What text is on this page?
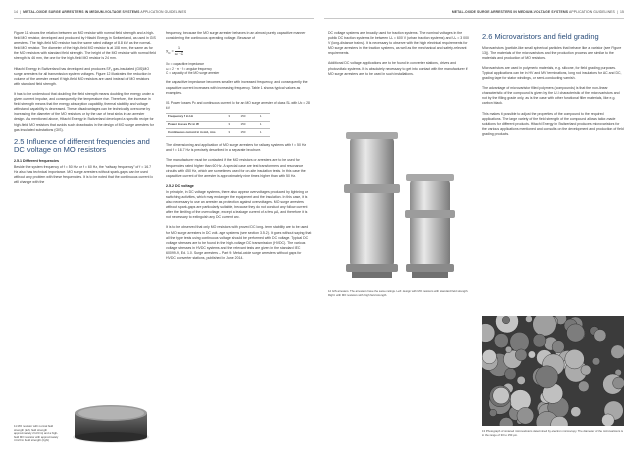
14  |  METAL-OXIDE SURGE ARRESTERS IN MEDIUM-VOLTAGE SYSTEMS APPLICATION GUIDELINES	METAL-OXIDE SURGE ARRESTERS IN MEDIUM-VOLTAGE SYSTEMS APPLICATION GUIDELINES  |  15

Figure 11 shows the relation between an MO resistor with normal field strength and a high-field MO resistor, developed and produced by Hitachi Energy in Switzerland, as used in GIS arresters. The high-field MO resistor has the same rated voltage of 8.8 kV as the normal-field MO resistor. The diameter of the high-field MO resistor is at 108 mm, the same as for the MO resistors with standard field strength. The height of the MO resistor with normal field strength is 46 mm, the one for the high-field MO resistor is 24 mm.

Hitachi Energy in Switzerland has developed and produces SF₆ gas-insulated (GIS)MO surge arresters for all transmission system voltages. Figure 12 illustrates the reduction in volume of the arrester vessel if high-field MO resistors are used instead of MO resistors with standard field strength.

It has to be understood that doubling the field strength means doubling the energy under a given current impulse, and consequently the temperature rise. Therefore, the increase in field strength means that the energy absorption capability, thermal stability and voltage withstand capability is decreased. These disadvantages can be technically overcome by increasing the diameter of the MO resistors or by the use of heat sinks in an arrester design. As mentioned above, Hitachi Energy in Switzerland developed a specific recipe for high-field MO resistors that avoids such drawbacks in the design of MO surge arresters for gas insulated substations (GIS).

2.5 Influence of different frequencies and DC voltage on MO resistors
2.5.1 Different frequencies

Beside the system frequency of f = 50 Hz or f = 60 Hz, the “railway frequency” of f = 16.7 Hz also has technical importance. MO surge arresters without spark-gaps can be used without any problem with these frequencies. It is to be noted that the continuous current Iᴄ will change with the

11 MO resistor with normal field strength (left, field strength approximately 2 kV/cm) and a high-field MO resistor with approximately 4 kV/cm field strength (right)

frequency, because the MO surge arrester behaves in an almost purely capacitive manner considering the continuous operating voltage. Because of

$X_C = \frac{1}{\omega \cdot C}$
Xᴄ = capacitive impedance
ω = 2 · π · f = angular frequency
C = capacity of the MO surge arrester

the capacitive impedance becomes smaller with increased frequency, and consequently the capacitive current increases with increasing frequency. Table 1 shows typical values as examples.

01 Power losses Pᴄ and continuous current Iᴄ for an MO surge arrester of class SL with Uᴄ = 28 kV
Frequency f in Hz	3	150	1
Power losses Pᴄ in W	3	150	1
Continuous current Iᴄ in mA, rms	3	150	1

The dimensioning and application of MO surge arresters for railway systems with f = 50 Hz and f = 16.7 Hz is precisely described in a separate brochure.

The manufacturer must be contacted if the MO resistors or arresters are to be used for frequencies rated higher than 60 Hz. A special case are test transformers and resonance circuits with 450 Hz, which are sometimes used for on-site insulation tests. In this case the capacitive current of the arrester is approximately nine times higher than with 50 Hz.

2.5.2 DC voltage

In principle, in DC voltage systems, there also appear overvoltages produced by lightning or switching activities, which may endanger the equipment and the insulation. In this case, it is also necessary to use an arrester as protection against overvoltages. MO surge arresters without spark-gaps are particularly suitable, because they do not conduct any follow current after the limiting of the overvoltage, except a leakage current of a few μA, and therefore it is not necessary to extinguish any DC current arc.

It is to be observed that only MO resistors with proved DC long- term stability are to be used for MO surge arresters in DC volt- age systems (see section 3.5.2). It goes without saying that all the type tests using continuous voltage should be performed with DC voltage. Typical DC voltage stresses are to be found in the high-voltage DC transmission (HVDC). The various voltage stresses in HVDC systems and the relevant tests are given in the standard IEC 60099-9, Ed. 1.0. Surge arresters – Part 9: Metal-oxide surge arresters without gaps for HVDC converter stations, published in June 2014.

DC voltage systems are broadly used for traction systems. The nominal voltages in the public DC traction systems lie between Uᵤ = 600 V (urban traction systems) and Uᵤ = 3 000 V (long-distance trains). It is necessary to observe with the high electrical requirements for MO surge arresters in the traction systems, as well as the mechanical and safety-relevant requirements.

Additional DC voltage applications are to be found in converter stations, drives and photovoltaic systems. It is absolutely necessary to get into contact with the manufacturer if MO surge arresters are to be used in such installations.

12 GIS arresters. The arresters have the same ratings. Left: design with MO resistors with standard field strength. Right: with MO resistors with high field strength.
2.6 Microvaristors and field grading

Microvaristors (particle-like small spherical particles that behave like a varistor (see Figure 13)). The materials of the microvaristors and the production process are similar to the materials and production of MO resistors.

Microvaristors are used in polymeric materials, e.g. silicone, for field grading purposes. Typical applications can be in HV and MV terminations, long rod insulators for AC and DC, grading tape for stator windings, or semi-conducting varnish.

The advantage of microvaristor filled polymers (compounds) is that the non-linear characteristic of the compound is given by the U-I characteristic of the microvaristors and not by the filling grade only, as is the case with other functional filler materials, like e.g. carbon black.

This makes it possible to adjust the properties of the compound to the required applications. The large variety of the field strength of the compound allows tailor-made solutions for different products. Hitachi Energy in Switzerland produces microvaristors for the various applications mentioned and consults on the development and production of field grading products.

13 Photograph of sintered microvaristors determined by electron microscopy. The diameter of the microvaristors is in the range of 30 to 150 μm.
